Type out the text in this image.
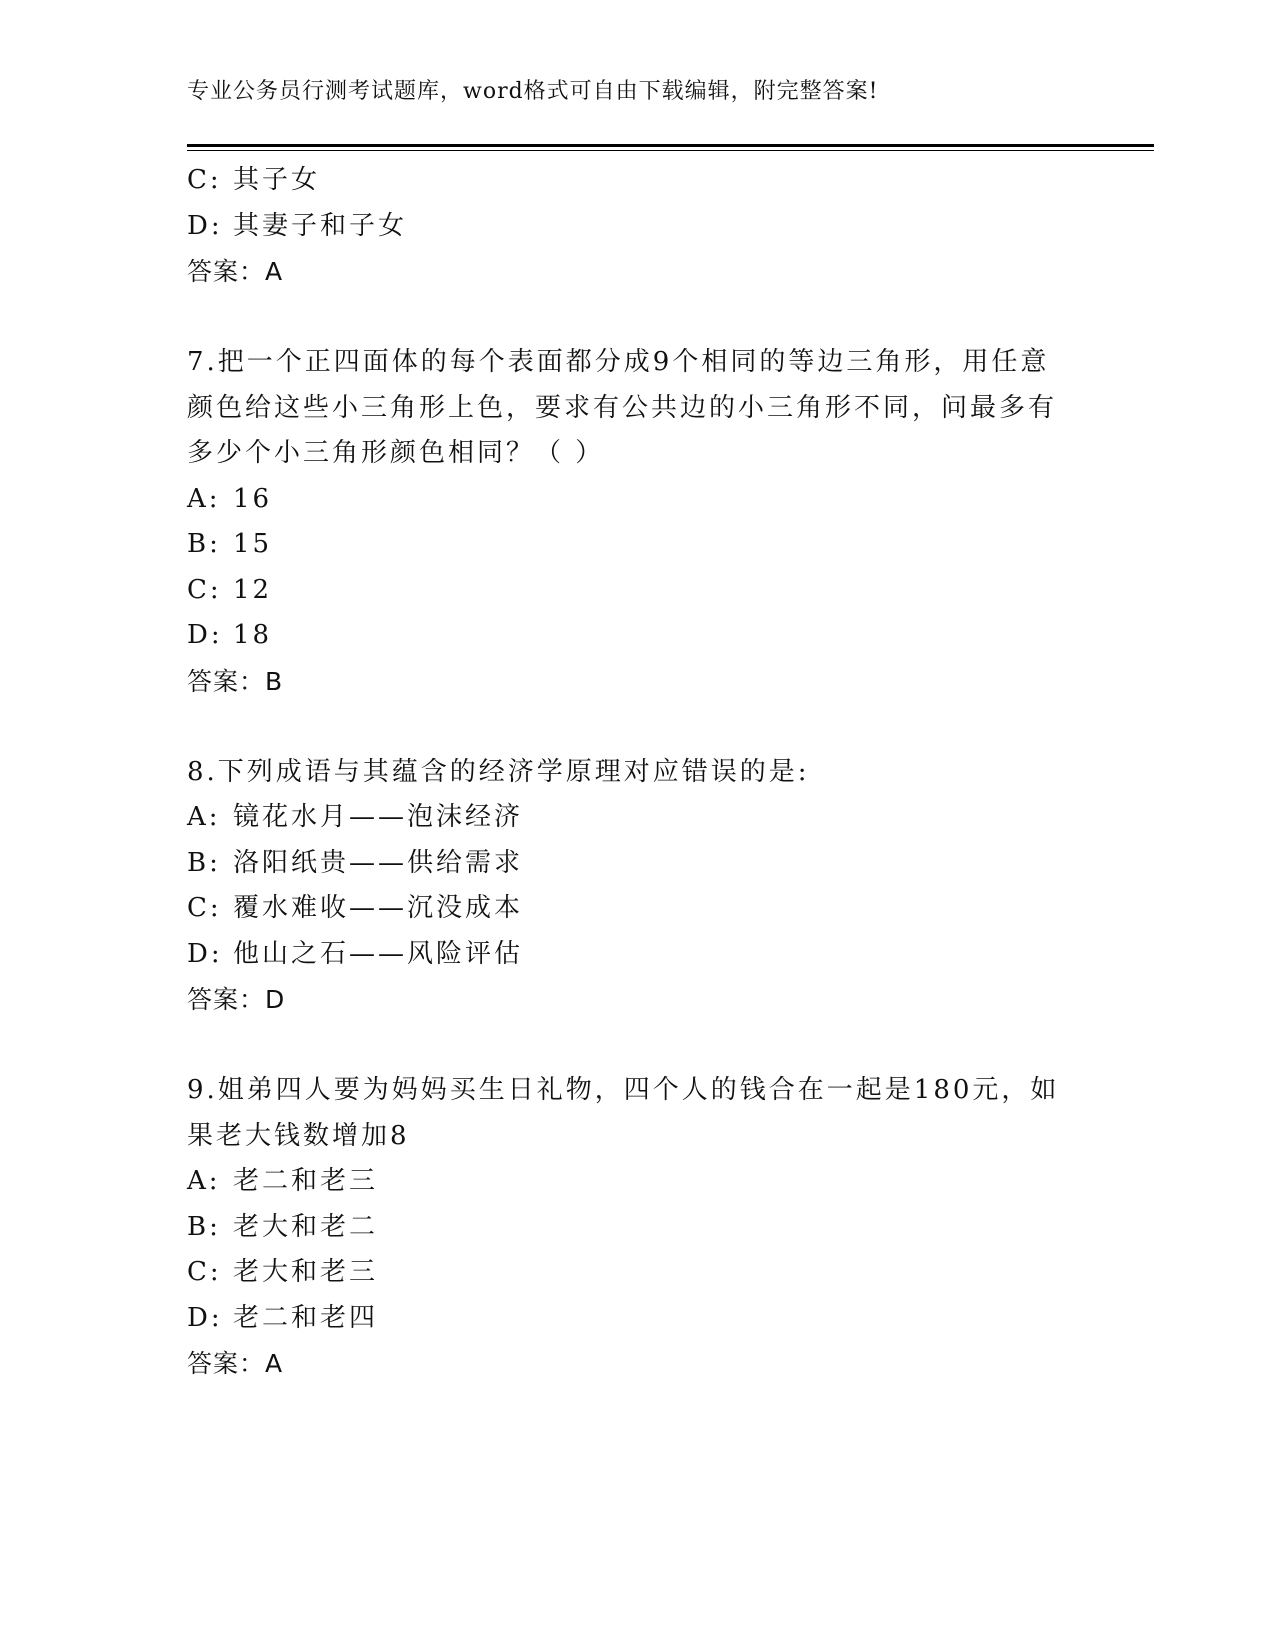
专业公务员行测考试题库，word格式可自由下载编辑，附完整答案!
C: 其子女
D: 其妻子和子女
答案：A
7.把一个正四面体的每个表面都分成9个相同的等边三角形，用任意
颜色给这些小三角形上色，要求有公共边的小三角形不同，问最多有
多少个小三角形颜色相同？（ ）
A: 16
B: 15
C: 12
D: 18
答案：B
8.下列成语与其蕴含的经济学原理对应错误的是:
A: 镜花水月——泡沫经济
B: 洛阳纸贵——供给需求
C: 覆水难收——沉没成本
D: 他山之石——风险评估
答案：D
9.姐弟四人要为妈妈买生日礼物，四个人的钱合在一起是180元，如
果老大钱数增加8
A: 老二和老三
B: 老大和老二
C: 老大和老三
D: 老二和老四
答案：A
